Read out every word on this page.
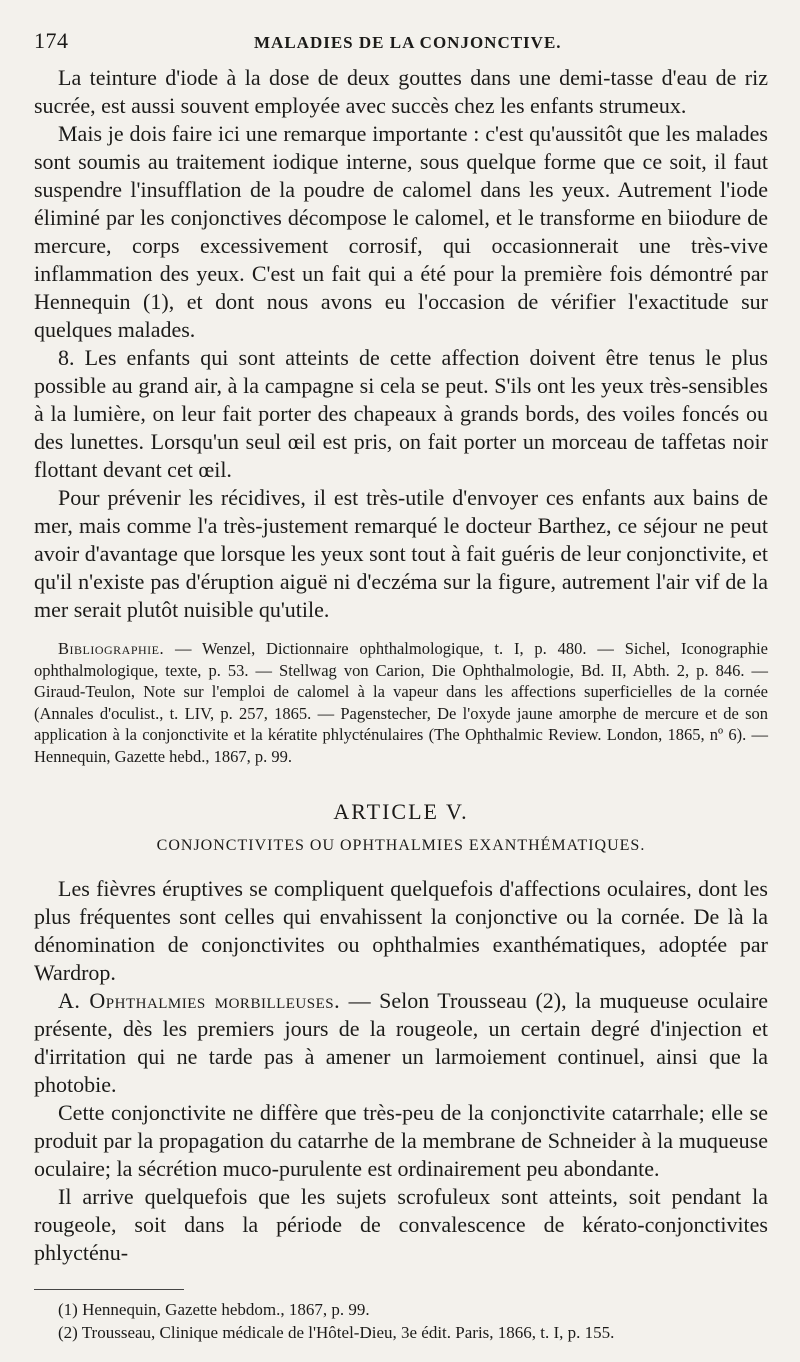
174	MALADIES DE LA CONJONCTIVE.

La teinture d'iode à la dose de deux gouttes dans une demi-tasse d'eau de riz sucrée, est aussi souvent employée avec succès chez les enfants strumeux.

Mais je dois faire ici une remarque importante : c'est qu'aussitôt que les malades sont soumis au traitement iodique interne, sous quelque forme que ce soit, il faut suspendre l'insufflation de la poudre de calomel dans les yeux. Autrement l'iode éliminé par les conjonctives décompose le calomel, et le transforme en biiodure de mercure, corps excessivement corrosif, qui occasionnerait une très-vive inflammation des yeux. C'est un fait qui a été pour la première fois démontré par Hennequin (1), et dont nous avons eu l'occasion de vérifier l'exactitude sur quelques malades.

8. Les enfants qui sont atteints de cette affection doivent être tenus le plus possible au grand air, à la campagne si cela se peut. S'ils ont les yeux très-sensibles à la lumière, on leur fait porter des chapeaux à grands bords, des voiles foncés ou des lunettes. Lorsqu'un seul œil est pris, on fait porter un morceau de taffetas noir flottant devant cet œil.

Pour prévenir les récidives, il est très-utile d'envoyer ces enfants aux bains de mer, mais comme l'a très-justement remarqué le docteur Barthez, ce séjour ne peut avoir d'avantage que lorsque les yeux sont tout à fait guéris de leur conjonctivite, et qu'il n'existe pas d'éruption aiguë ni d'eczéma sur la figure, autrement l'air vif de la mer serait plutôt nuisible qu'utile.

Bibliographie. — Wenzel, Dictionnaire ophthalmologique, t. I, p. 480. — Sichel, Iconographie ophthalmologique, texte, p. 53. — Stellwag von Carion, Die Ophthalmologie, Bd. II, Abth. 2, p. 846. — Giraud-Teulon, Note sur l'emploi de calomel à la vapeur dans les affections superficielles de la cornée (Annales d'oculist., t. LIV, p. 257, 1865. — Pagenstecher, De l'oxyde jaune amorphe de mercure et de son application à la conjonctivite et la kératite phlycténulaires (The Ophthalmic Review. London, 1865, nº 6). — Hennequin, Gazette hebd., 1867, p. 99.

ARTICLE V.
CONJONCTIVITES OU OPHTHALMIES EXANTHÉMATIQUES.

Les fièvres éruptives se compliquent quelquefois d'affections oculaires, dont les plus fréquentes sont celles qui envahissent la conjonctive ou la cornée. De là la dénomination de conjonctivites ou ophthalmies exanthématiques, adoptée par Wardrop.

A. Ophthalmies morbilleuses. — Selon Trousseau (2), la muqueuse oculaire présente, dès les premiers jours de la rougeole, un certain degré d'injection et d'irritation qui ne tarde pas à amener un larmoiement continuel, ainsi que la photobie.

Cette conjonctivite ne diffère que très-peu de la conjonctivite catarrhale; elle se produit par la propagation du catarrhe de la membrane de Schneider à la muqueuse oculaire; la sécrétion muco-purulente est ordinairement peu abondante.

Il arrive quelquefois que les sujets scrofuleux sont atteints, soit pendant la rougeole, soit dans la période de convalescence de kérato-conjonctivites phlycténu-

(1) Hennequin, Gazette hebdom., 1867, p. 99.

(2) Trousseau, Clinique médicale de l'Hôtel-Dieu, 3e édit. Paris, 1866, t. I, p. 155.
